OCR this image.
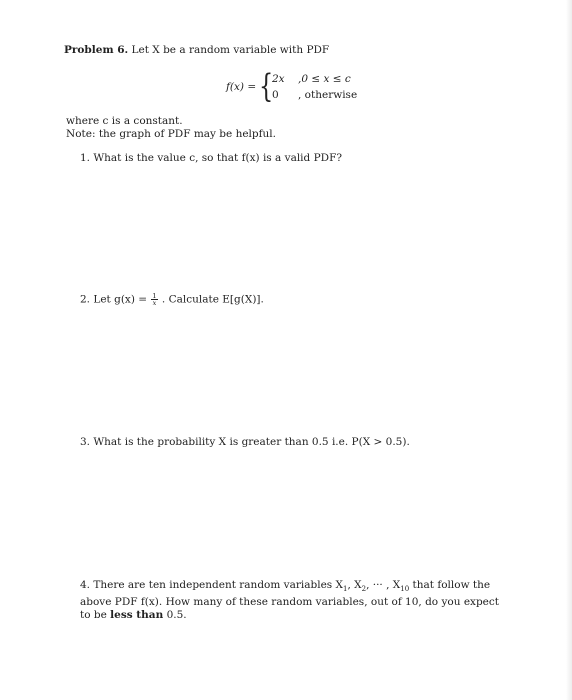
Problem 6. Let X be a random variable with PDF
f(x) = {
2x ,0 ≤ x ≤ c
0 , otherwise
where c is a constant.
Note: the graph of PDF may be helpful.
1. What is the value c, so that f(x) is a valid PDF?
2. Let $g(x) = \frac{1}{x}$ . Calculate E[g(X)].
3. What is the probability X is greater than 0.5 i.e. P(X > 0.5).
4. There are ten independent random variables $X_1$, $X_2$, ··· , $X_{10}$ that follow the above PDF f(x). How many of these random variables, out of 10, do you expect to be less than 0.5.
